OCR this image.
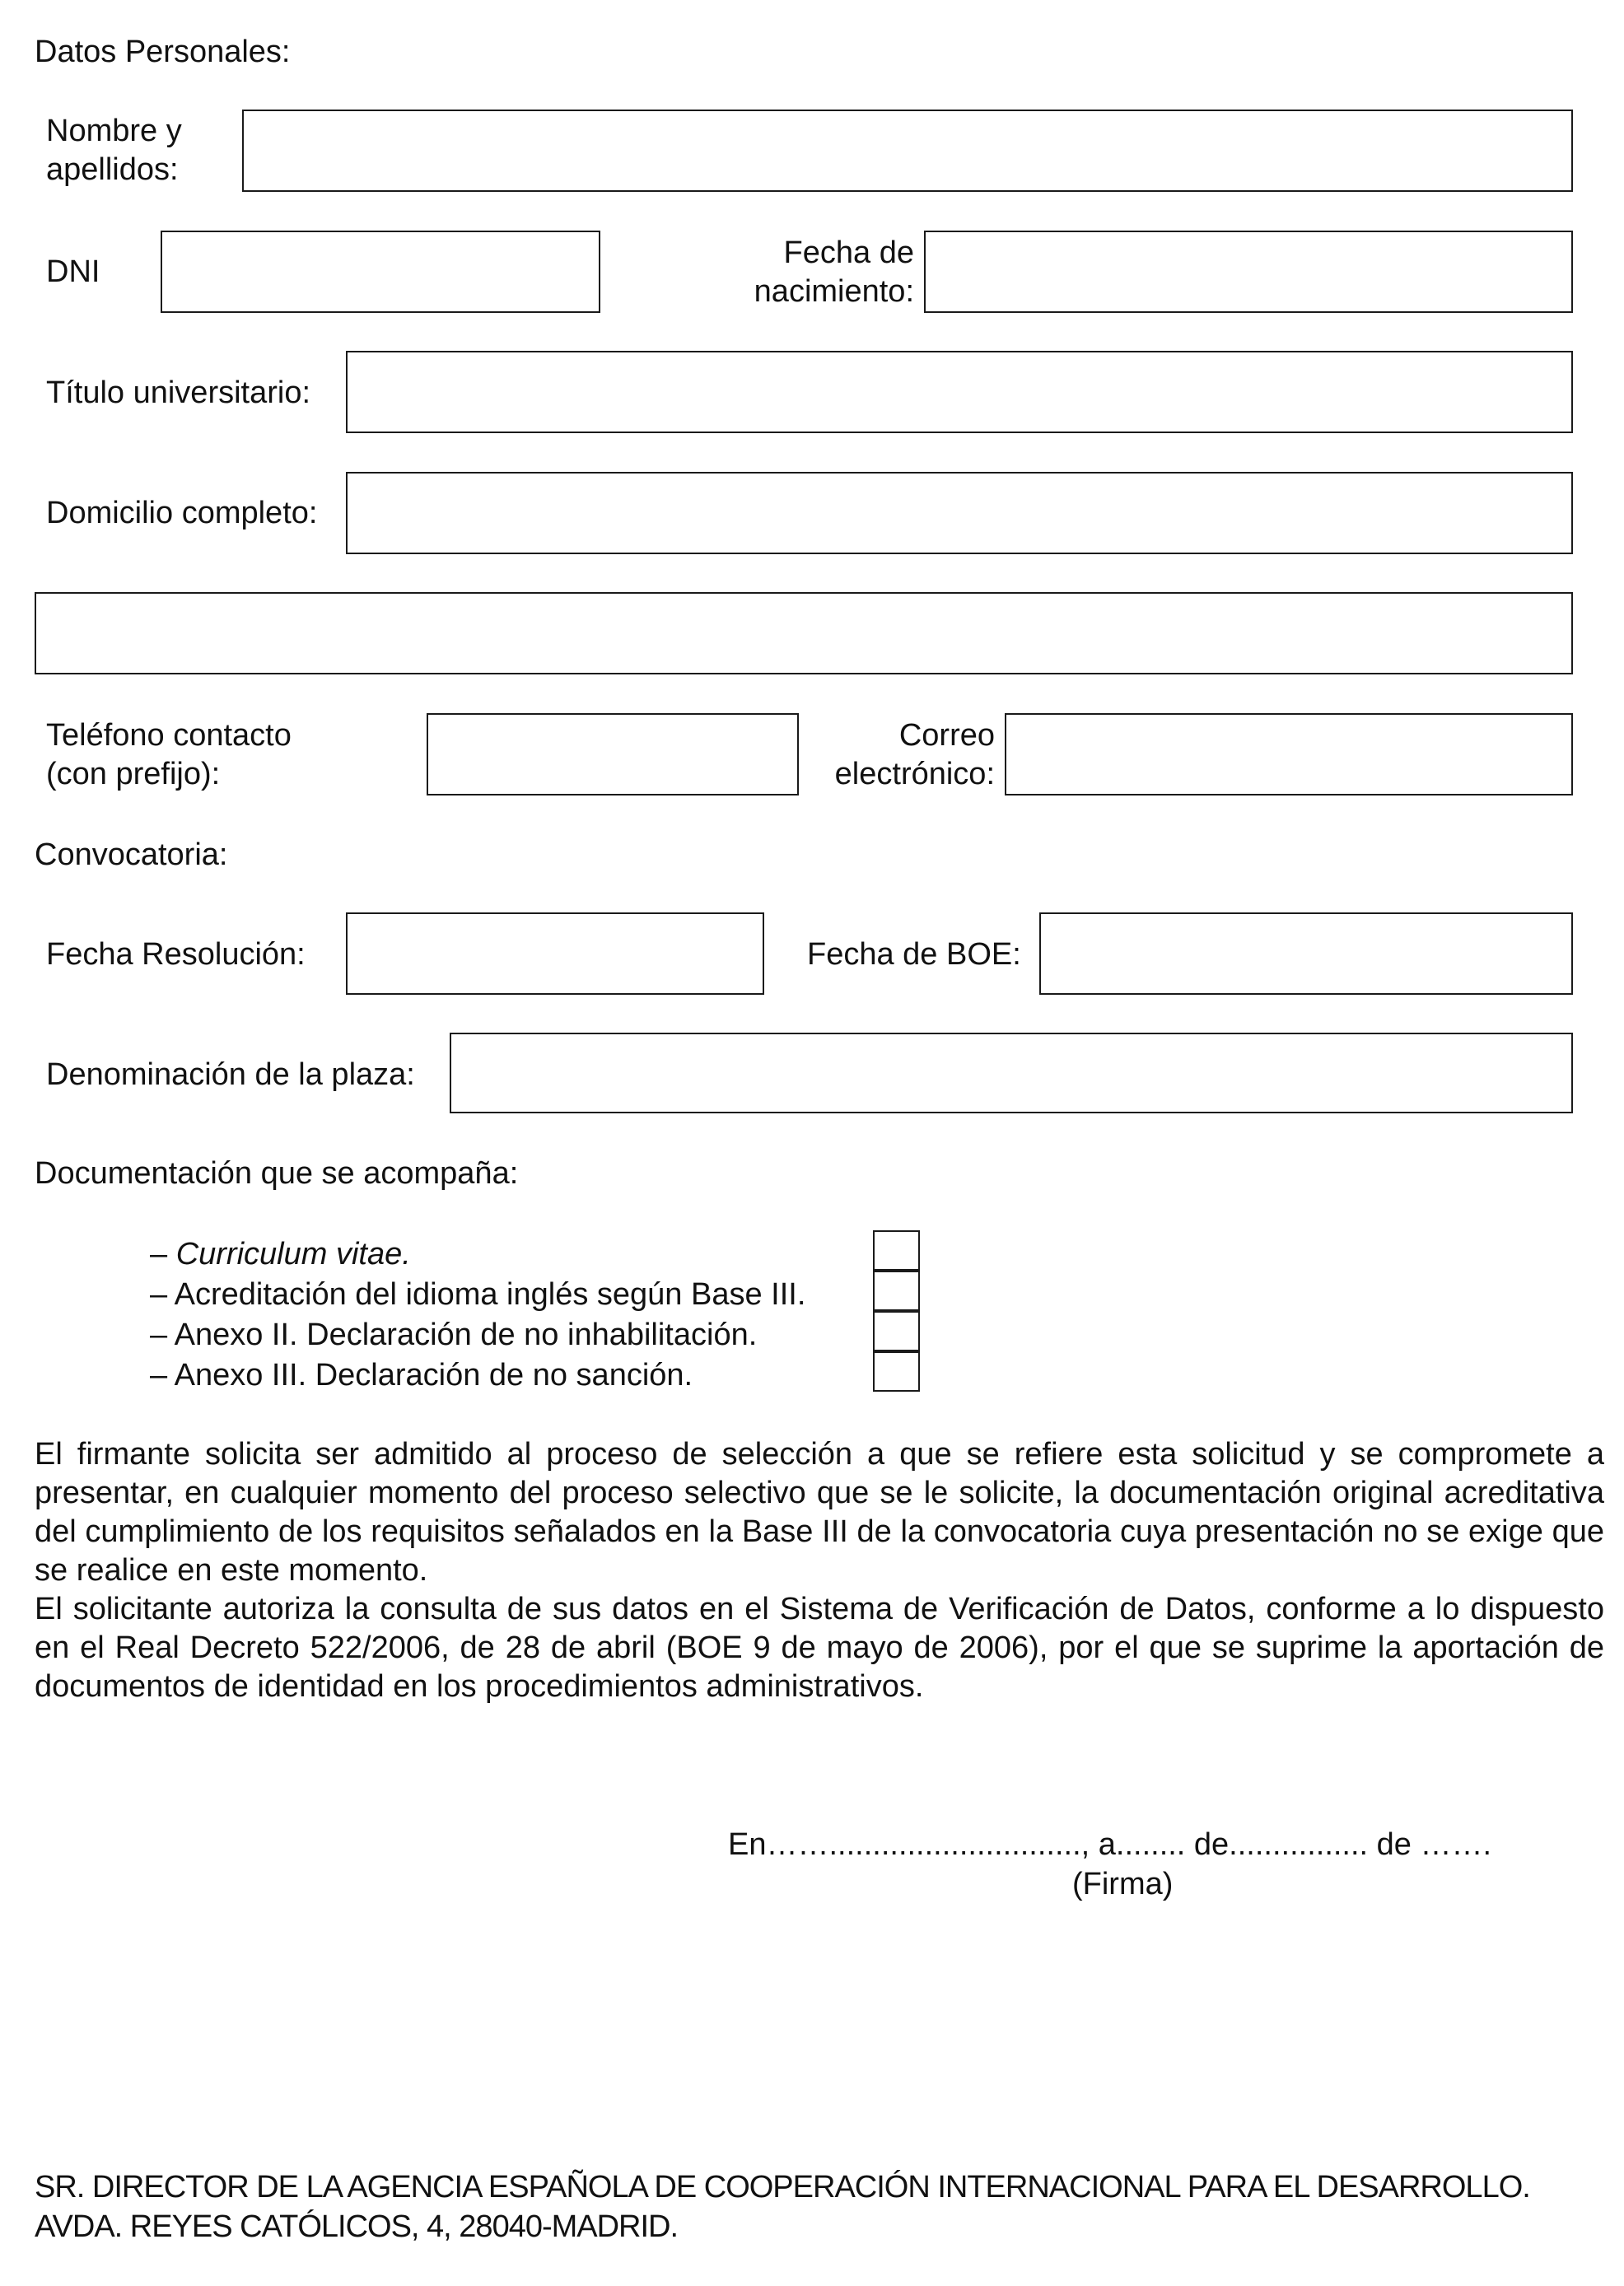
Datos Personales:

Nombre y

apellidos:

DNI

Fecha de

nacimiento:

Título universitario:
Domicilio completo:

Teléfono contacto

(con prefijo):

Correo

electrónico:

Convocatoria:
Fecha Resolución:	Fecha de BOE:
Denominación de la plaza:
Documentación que se acompaña:
– Curriculum vitae.
– Acreditación del idioma inglés según Base III.
– Anexo II. Declaración de no inhabilitación.
– Anexo III. Declaración de no sanción.
El firmante solicita ser admitido al proceso de selección a que se refiere esta solicitud y se compromete a presentar, en cualquier momento del proceso selectivo que se le solicite, la documentación original acreditativa del cumplimiento de los requisitos señalados en la Base III de la convocatoria cuya presentación no se exige que se realice en este momento.
El solicitante autoriza la consulta de sus datos en el Sistema de Verificación de Datos, conforme a lo dispuesto en el Real Decreto 522/2006, de 28 de abril (BOE 9 de mayo de 2006), por el que se suprime la aportación de documentos de identidad en los procedimientos administrativos.
En……............................., a........ de................ de …….
(Firma)
SR. DIRECTOR DE LA AGENCIA ESPAÑOLA DE COOPERACIÓN INTERNACIONAL PARA EL DESARROLLO.
AVDA. REYES CATÓLICOS, 4, 28040-MADRID.
